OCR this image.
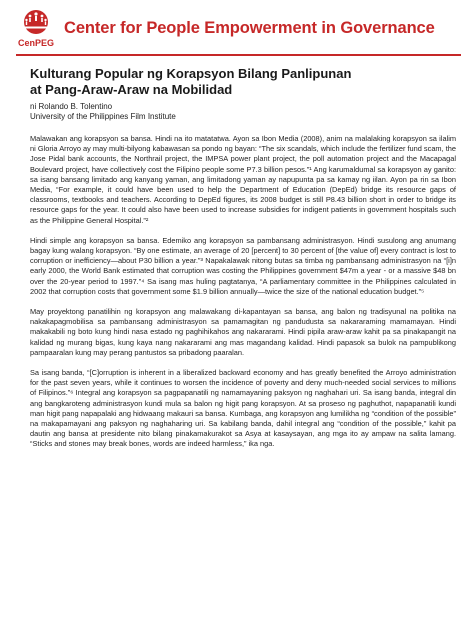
CenPEG
Center for People Empowerment in Governance
Kulturang Popular ng Korapsyon Bilang Panlipunan
at Pang-Araw-Araw na Mobilidad

ni Rolando B. Tolentino
University of the Philippines Film Institute

Malawakan ang korapsyon sa bansa. Hindi na ito matatatwa. Ayon sa Ibon Media (2008), anim na malalaking korapsyon sa ilalim ni Gloria Arroyo ay may multi-bilyong kabawasan sa pondo ng bayan: “The six scandals, which include the fertilizer fund scam, the Jose Pidal bank accounts, the Northrail project, the IMPSA power plant project, the poll automation project and the Macapagal Boulevard project, have collectively cost the Filipino people some P7.3 billion pesos.”¹ Ang karumaldumal sa korapsyon ay ganito: sa isang bansang limitado ang kanyang yaman, ang limitadong yaman ay napupunta pa sa kamay ng iilan. Ayon pa rin sa Ibon Media, “For example, it could have been used to help the Department of Education (DepEd) bridge its resource gaps of classrooms, textbooks and teachers. According to DepEd figures, its 2008 budget is still P8.43 billion short in order to bridge its resource gaps for the year. It could also have been used to increase subsidies for indigent patients in government hospitals such as the Philippine General Hospital.”²

Hindi simple ang korapsyon sa bansa. Edemiko ang korapsyon sa pambansang administrasyon. Hindi susulong ang anumang bagay kung walang korapsyon. “By one estimate, an average of 20 [percent] to 30 percent of [the value of] every contract is lost to corruption or inefficiency—about P30 billion a year.”³ Napakalawak nitong butas sa timba ng pambansang administrasyon na “[i]n early 2000, the World Bank estimated that corruption was costing the Philippines government $47m a year - or a massive $48 bn over the 20-year period to 1997.”⁴ Sa isang mas huling pagtatanya, “A parliamentary committee in the Philippines calculated in 2002 that corruption costs that government some $1.9 billion annually—twice the size of the national education budget.”⁵

May proyektong panatilihin ng korapsyon ang malawakang di-kapantayan sa bansa, ang balon ng tradisyunal na politika na nakakapagmobilisa sa pambansang administrasyon sa pamamagitan ng pandudusta sa nakararaming mamamayan. Hindi makakabili ng boto kung hindi nasa estado ng paghihikahos ang nakararami. Hindi pipila araw-araw kahit pa sa pinakapangit na kalidad ng murang bigas, kung kaya nang nakararami ang mas magandang kalidad. Hindi papasok sa bulok na pampublikong pampaaralan kung may perang pantustos sa pribadong paaralan.

Sa isang banda, “[C]orruption is inherent in a liberalized backward economy and has greatly benefited the Arroyo administration for the past seven years, while it continues to worsen the incidence of poverty and deny much-needed social services to millions of Filipinos.”⁶ Integral ang korapsyon sa pagpapanatili ng namamayaning paksyon ng naghahari uri. Sa isang banda, integral din ang bangkaroteng administrasyon kundi mula sa balon ng higit pang korapsyon. At sa proseso ng paghuthot, napapanatili kundi man higit pang napapalaki ang hidwaang makauri sa bansa. Kumbaga, ang korapsyon ang lumilikha ng “condition of the possible” na makapamayani ang paksyon ng naghaharing uri. Sa kabilang banda, dahil integral ang “condition of the possible,” kahit pa dautin ang bansa at presidente nito bilang pinakamakurakot sa Asya at kasaysayan, ang mga ito ay ampaw na salita lamang. “Sticks and stones may break bones, words are indeed harmless,” ika nga.
